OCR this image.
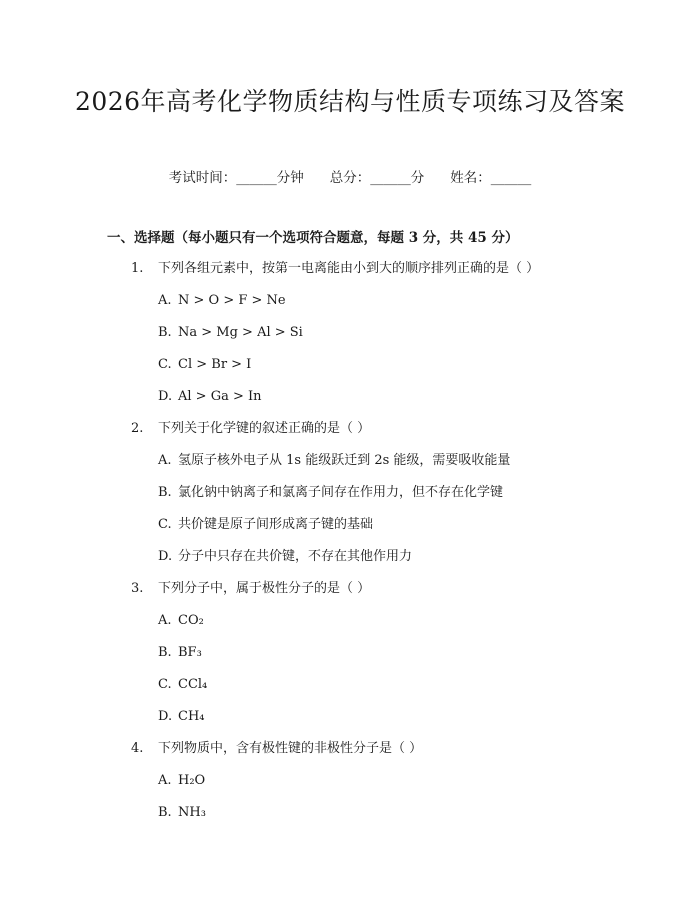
2026年高考化学物质结构与性质专项练习及答案
考试时间：______分钟 总分：______分 姓名：______
一、选择题（每小题只有一个选项符合题意，每题 3 分，共 45 分）
1.	下列各组元素中，按第一电离能由小到大的顺序排列正确的是（ ）
A. N > O > F > Ne
B. Na > Mg > Al > Si
C. Cl > Br > I
D. Al > Ga > In
2.	下列关于化学键的叙述正确的是（ ）
A. 氢原子核外电子从 1s 能级跃迁到 2s 能级，需要吸收能量
B. 氯化钠中钠离子和氯离子间存在作用力，但不存在化学键
C. 共价键是原子间形成离子键的基础
D. 分子中只存在共价键，不存在其他作用力
3.	下列分子中，属于极性分子的是（ ）
A. CO₂
B. BF₃
C. CCl₄
D. CH₄
4.	下列物质中，含有极性键的非极性分子是（ ）
A. H₂O
B. NH₃
